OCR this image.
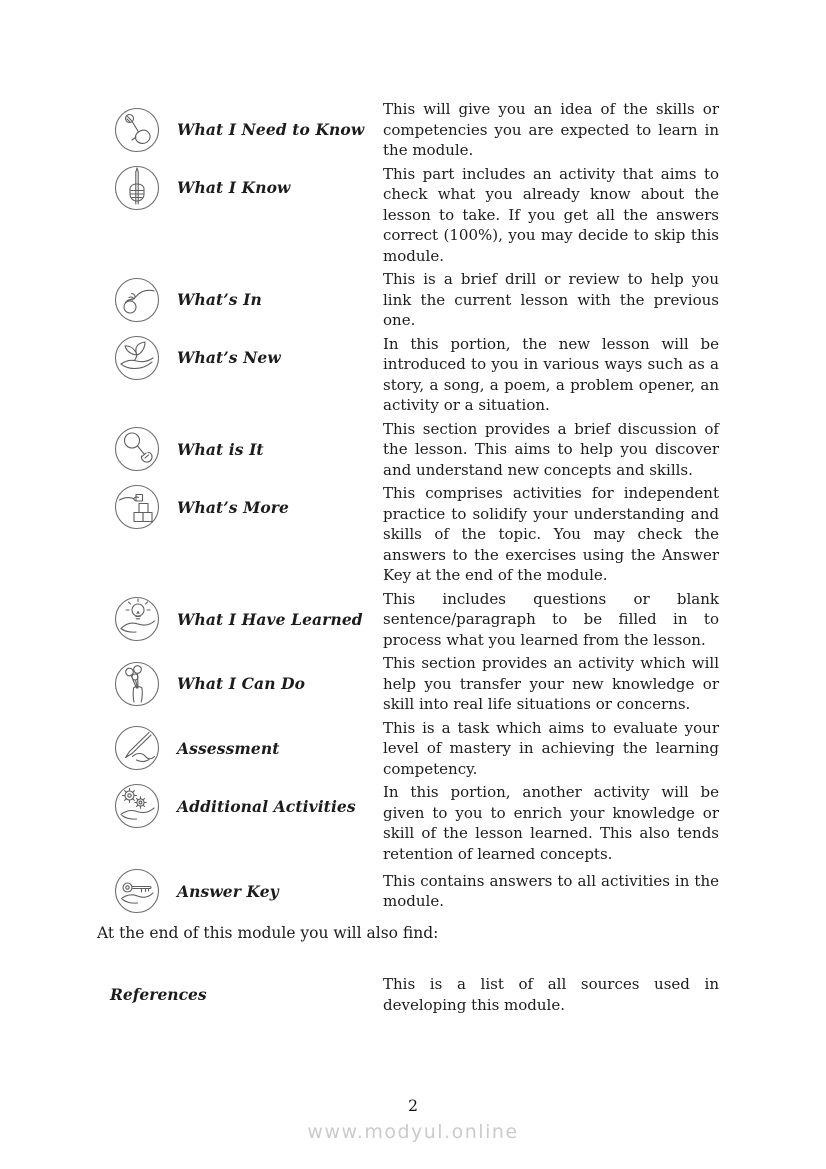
What I Need to Know
This will give you an idea of the skills or competencies you are expected to learn in the module.
What I Know
This part includes an activity that aims to check what you already know about the lesson to take. If you get all the answers correct (100%), you may decide to skip this module.
What’s In
This is a brief drill or review to help you link the current lesson with the previous one.
What’s New
In this portion, the new lesson will be introduced to you in various ways such as a story, a song, a poem, a problem opener, an activity or a situation.
What is It
This section provides a brief discussion of the lesson. This aims to help you discover and understand new concepts and skills.
What’s More
This comprises activities for independent practice to solidify your understanding and skills of the topic. You may check the answers to the exercises using the Answer Key at the end of the module.
What I Have Learned
This includes questions or blank sentence/paragraph to be filled in to process what you learned from the lesson.
What I Can Do
This section provides an activity which will help you transfer your new knowledge or skill into real life situations or concerns.
Assessment
This is a task which aims to evaluate your level of mastery in achieving the learning competency.
Additional Activities
In this portion, another activity will be given to you to enrich your knowledge or skill of the lesson learned. This also tends retention of learned concepts.
Answer Key
This contains answers to all activities in the module.

At the end of this module you will also find:

References
This is a list of all sources used in developing this module.
2
www.modyul.online
